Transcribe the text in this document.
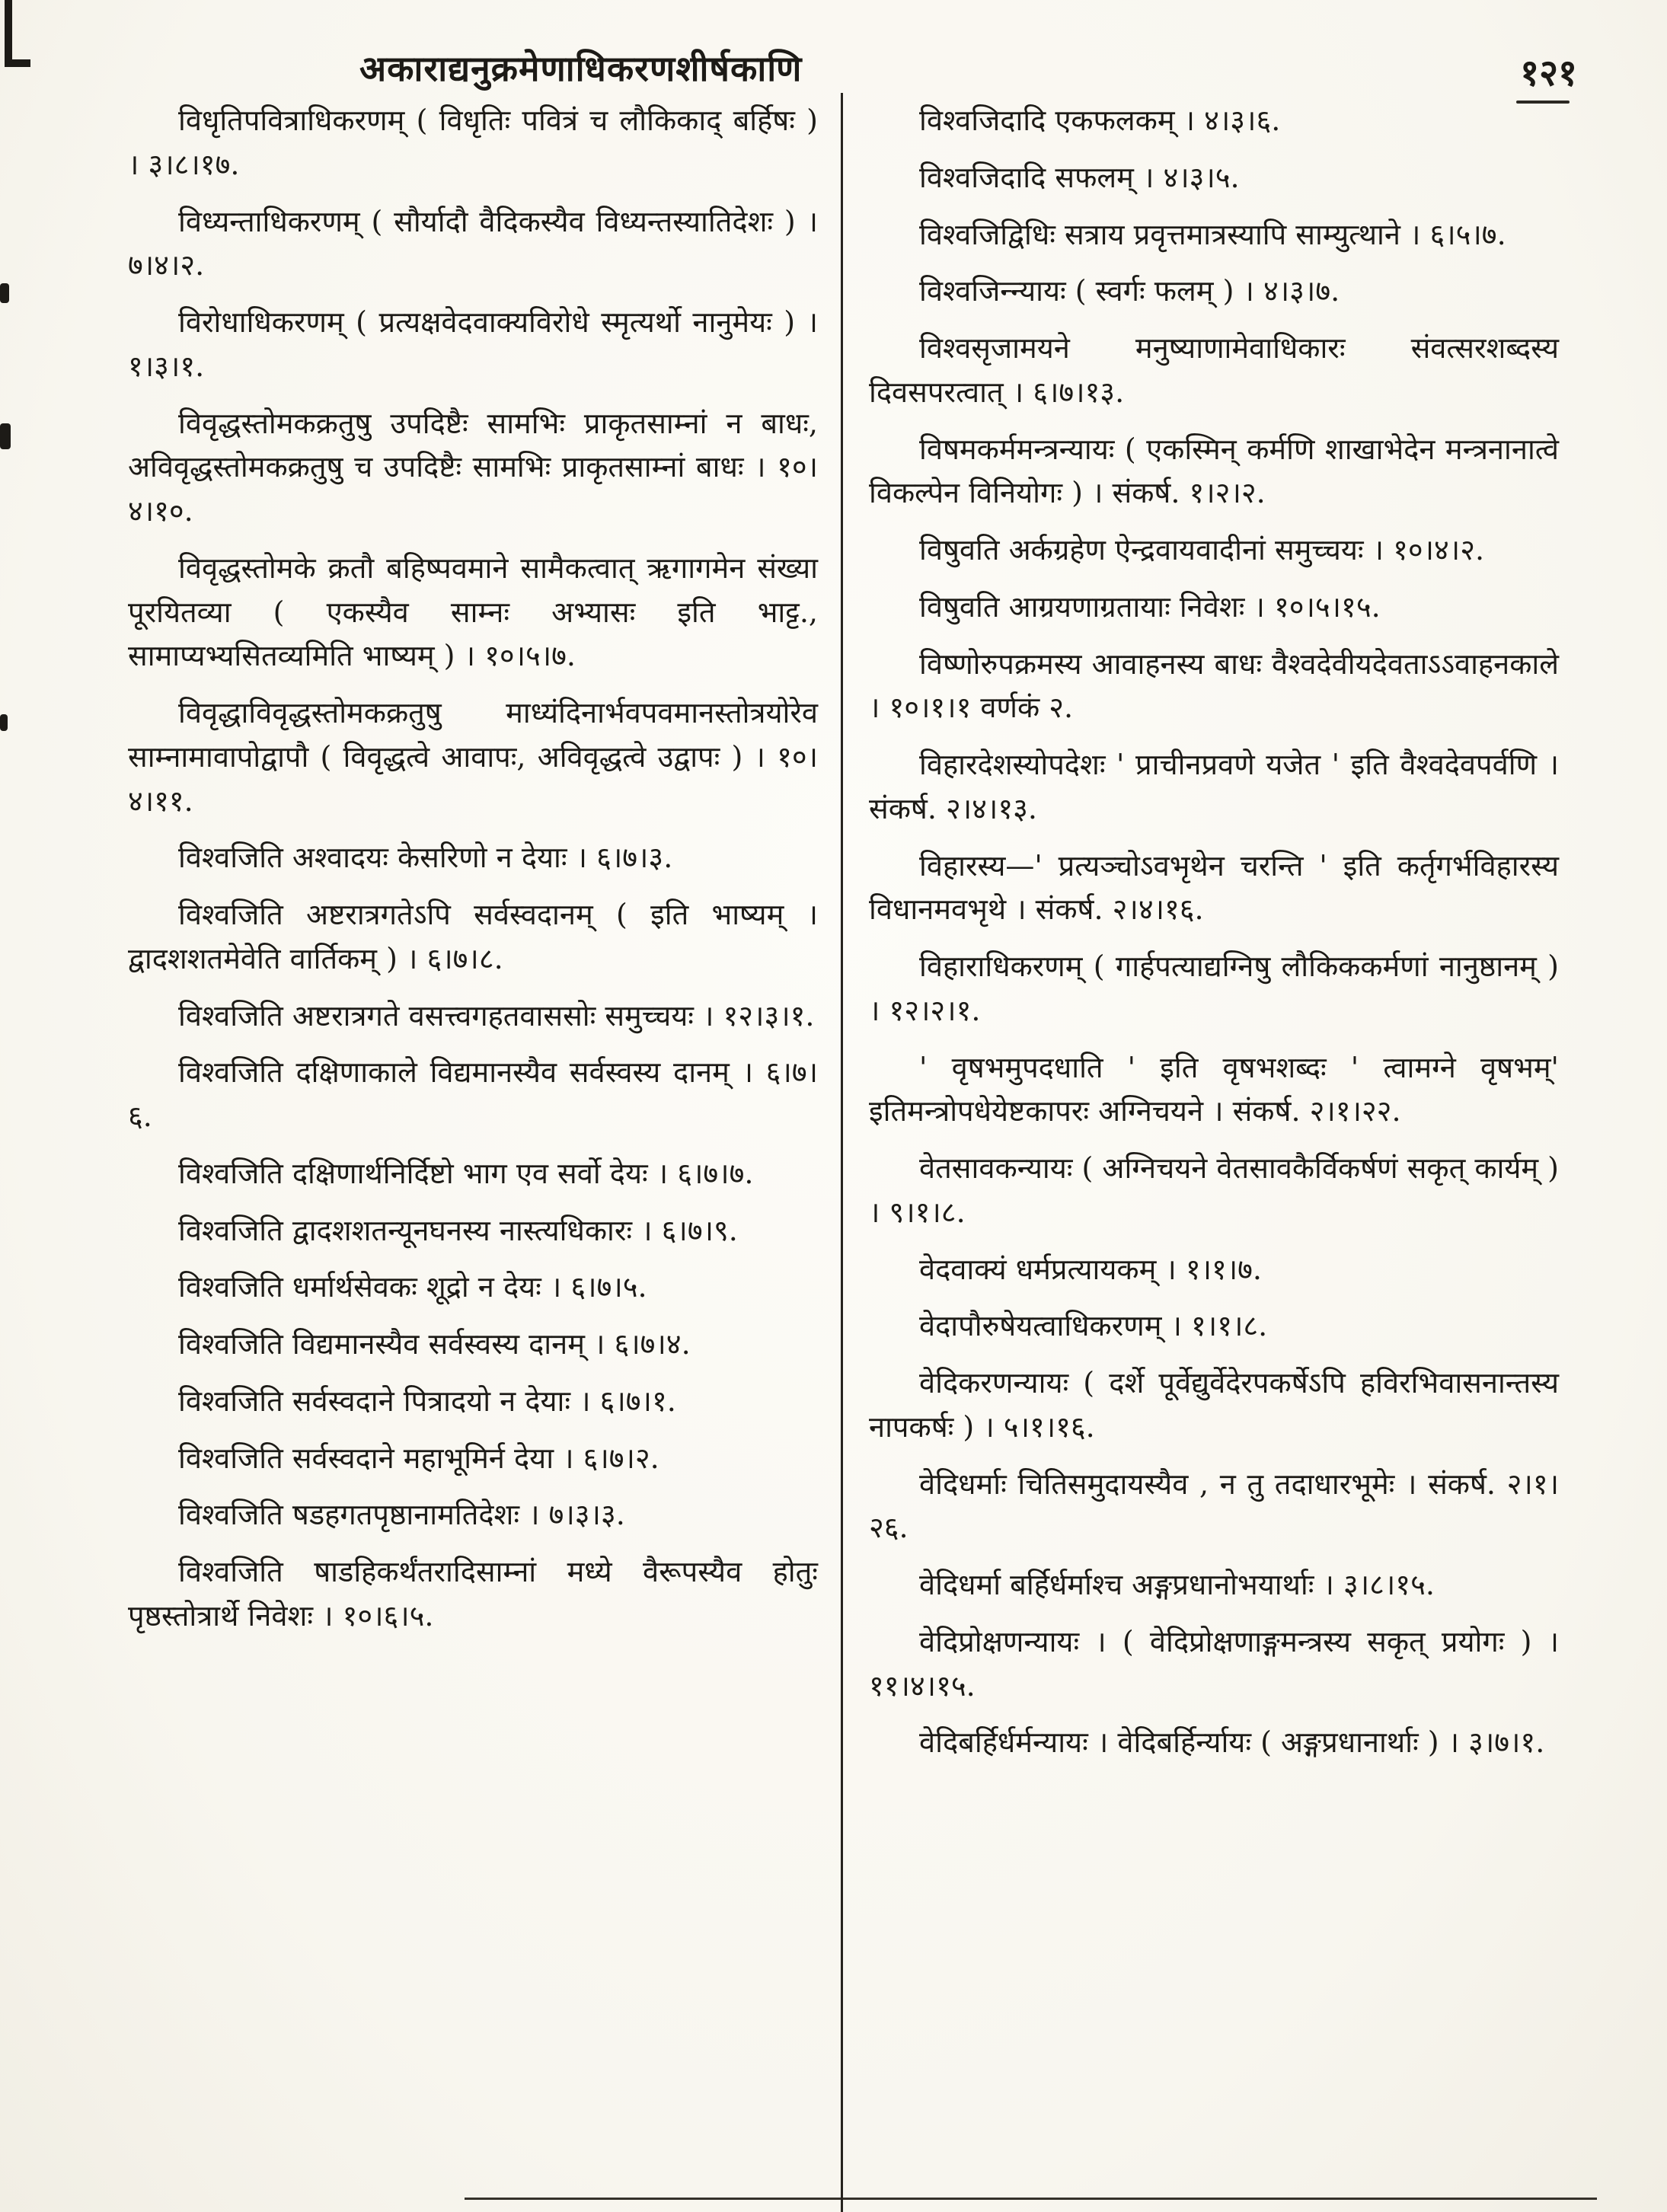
अकाराद्यनुक्रमेणाधिकरणशीर्षकाणि	१२१

विधृतिपवित्राधिकरणम् ( विधृतिः पवित्रं च लौकिकाद् बर्हिषः ) । ३।८।१७.

विध्यन्ताधिकरणम् ( सौर्यादौ वैदिकस्यैव विध्यन्तस्यातिदेशः ) । ७।४।२.

विरोधाधिकरणम् ( प्रत्यक्षवेदवाक्यविरोधे स्मृत्यर्थो नानुमेयः ) । १।३।१.

विवृद्धस्तोमकक्रतुषु उपदिष्टैः सामभिः प्राकृतसाम्नां न बाधः, अविवृद्धस्तोमकक्रतुषु च उपदिष्टैः सामभिः प्राकृतसाम्नां बाधः । १०।४।१०.

विवृद्धस्तोमके क्रतौ बहिष्पवमाने सामैकत्वात् ऋगागमेन संख्या पूरयितव्या ( एकस्यैव साम्नः अभ्यासः इति भाट्ट., सामाप्यभ्यसितव्यमिति भाष्यम् ) । १०।५।७.

विवृद्धाविवृद्धस्तोमकक्रतुषु माध्यंदिनार्भवपवमानस्तोत्रयोरेव साम्नामावापोद्वापौ ( विवृद्धत्वे आवापः, अविवृद्धत्वे उद्वापः ) । १०।४।११.

विश्वजिति अश्वादयः केसरिणो न देयाः । ६।७।३.

विश्वजिति अष्टरात्रगतेऽपि सर्वस्वदानम् ( इति भाष्यम् । द्वादशशतमेवेति वार्तिकम् ) । ६।७।८.

विश्वजिति अष्टरात्रगते वसत्त्वगहतवाससोः समुच्चयः । १२।३।१.

विश्वजिति दक्षिणाकाले विद्यमानस्यैव सर्वस्वस्य दानम् । ६।७।६.

विश्वजिति दक्षिणार्थनिर्दिष्टो भाग एव सर्वो देयः । ६।७।७.

विश्वजिति द्वादशशतन्यूनघनस्य नास्त्यधिकारः । ६।७।९.

विश्वजिति धर्मार्थसेवकः शूद्रो न देयः । ६।७।५.

विश्वजिति विद्यमानस्यैव सर्वस्वस्य दानम् । ६।७।४.

विश्वजिति सर्वस्वदाने पित्रादयो न देयाः । ६।७।१.

विश्वजिति सर्वस्वदाने महाभूमिर्न देया । ६।७।२.

विश्वजिति षडहगतपृष्ठानामतिदेशः । ७।३।३.

विश्वजिति षाडहिकर्थंतरादिसाम्नां मध्ये वैरूपस्यैव होतुः पृष्ठस्तोत्रार्थे निवेशः । १०।६।५.

विश्वजिदादि एकफलकम् । ४।३।६.

विश्वजिदादि सफलम् । ४।३।५.

विश्वजिद्विधिः सत्राय प्रवृत्तमात्रस्यापि साम्युत्थाने । ६।५।७.

विश्वजिन्न्यायः ( स्वर्गः फलम् ) । ४।३।७.

विश्वसृजामयने मनुष्याणामेवाधिकारः संवत्सरशब्दस्य दिवसपरत्वात् । ६।७।१३.

विषमकर्ममन्त्रन्यायः ( एकस्मिन् कर्मणि शाखाभेदेन मन्त्रनानात्वे विकल्पेन विनियोगः ) । संकर्ष. १।२।२.

विषुवति अर्कग्रहेण ऐन्द्रवायवादीनां समुच्चयः । १०।४।२.

विषुवति आग्रयणाग्रतायाः निवेशः । १०।५।१५.

विष्णोरुपक्रमस्य आवाहनस्य बाधः वैश्वदेवीयदेवताऽऽवाहनकाले । १०।१।१ वर्णकं २.

विहारदेशस्योपदेशः ' प्राचीनप्रवणे यजेत ' इति वैश्वदेवपर्वणि । संकर्ष. २।४।१३.

विहारस्य—' प्रत्यञ्चोऽवभृथेन चरन्ति ' इति कर्तृगर्भविहारस्य विधानमवभृथे । संकर्ष. २।४।१६.

विहाराधिकरणम् ( गार्हपत्याद्यग्निषु लौकिककर्मणां नानुष्ठानम् ) । १२।२।१.

' वृषभमुपदधाति ' इति वृषभशब्दः ' त्वामग्ने वृषभम्' इतिमन्त्रोपधेयेष्टकापरः अग्निचयने । संकर्ष. २।१।२२.

वेतसावकन्यायः ( अग्निचयने वेतसावकैर्विकर्षणं सकृत् कार्यम् ) । ९।१।८.

वेदवाक्यं धर्मप्रत्यायकम् । १।१।७.

वेदापौरुषेयत्वाधिकरणम् । १।१।८.

वेदिकरणन्यायः ( दर्शे पूर्वेद्युर्वेदेरपकर्षेऽपि हविरभिवासनान्तस्य नापकर्षः ) । ५।१।१६.

वेदिधर्माः चितिसमुदायस्यैव , न तु तदाधारभूमेः । संकर्ष. २।१।२६.

वेदिधर्मा बर्हिर्धर्माश्च अङ्गप्रधानोभयार्थाः । ३।८।१५.

वेदिप्रोक्षणन्यायः । ( वेदिप्रोक्षणाङ्गमन्त्रस्य सकृत् प्रयोगः ) । ११।४।१५.

वेदिबर्हिर्धर्मन्यायः । वेदिबर्हिर्न्यायः ( अङ्गप्रधानार्थाः ) । ३।७।१.
